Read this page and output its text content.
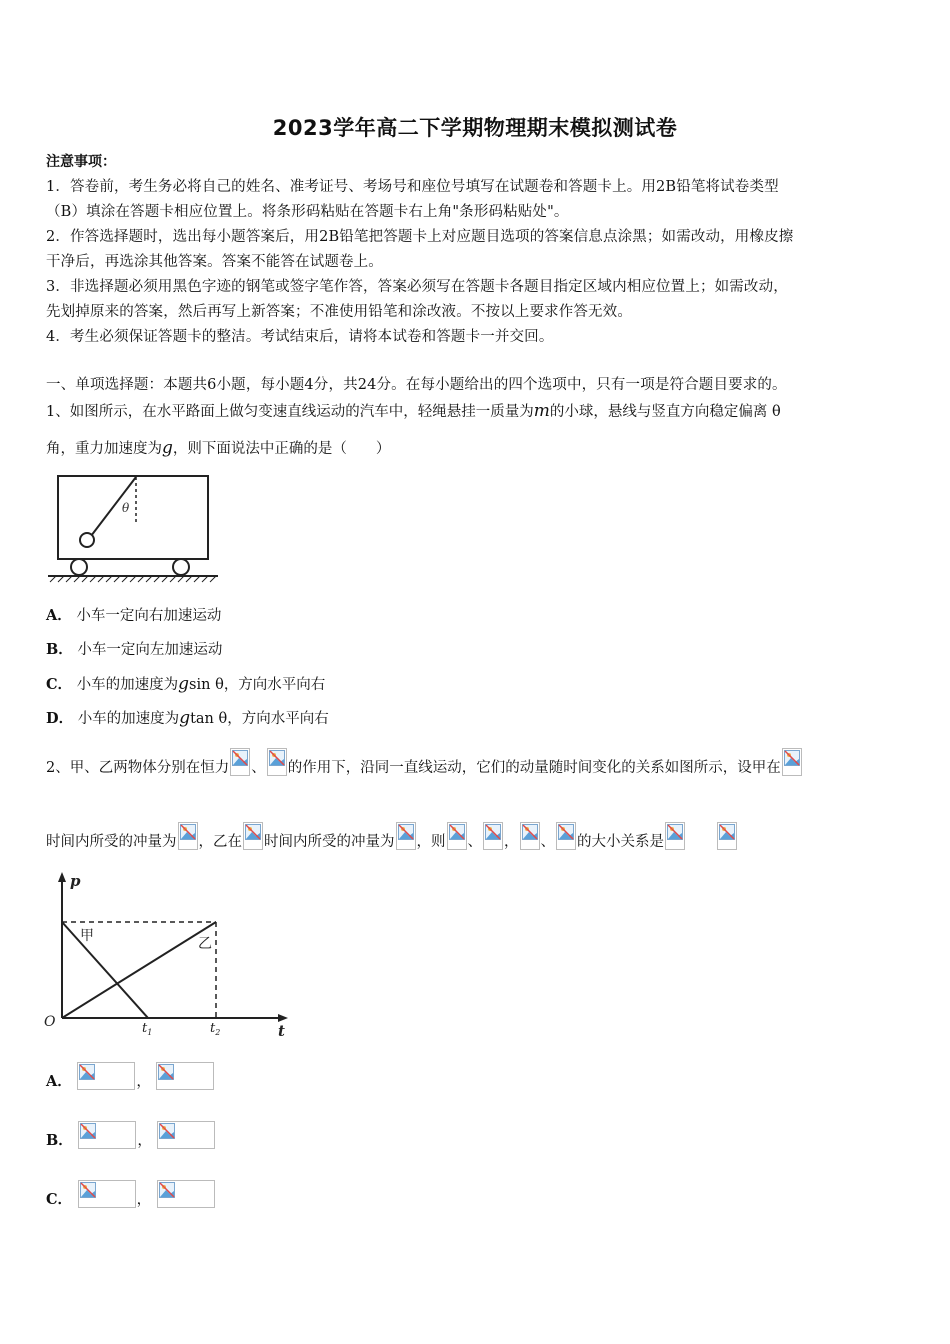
2023学年高二下学期物理期末模拟测试卷
注意事项：
1．答卷前，考生务必将自己的姓名、准考证号、考场号和座位号填写在试题卷和答题卡上。用2B铅笔将试卷类型
（B）填涂在答题卡相应位置上。将条形码粘贴在答题卡右上角"条形码粘贴处"。
2．作答选择题时，选出每小题答案后，用2B铅笔把答题卡上对应题目选项的答案信息点涂黑；如需改动，用橡皮擦
干净后，再选涂其他答案。答案不能答在试题卷上。
3．非选择题必须用黑色字迹的钢笔或签字笔作答，答案必须写在答题卡各题目指定区域内相应位置上；如需改动，
先划掉原来的答案，然后再写上新答案；不准使用铅笔和涂改液。不按以上要求作答无效。
4．考生必须保证答题卡的整洁。考试结束后，请将本试卷和答题卡一并交回。
一、单项选择题：本题共6小题，每小题4分，共24分。在每小题给出的四个选项中，只有一项是符合题目要求的。
1、如图所示，在水平路面上做匀变速直线运动的汽车中，轻绳悬挂一质量为m的小球，悬线与竖直方向稳定偏离 θ
角，重力加速度为g，则下面说法中正确的是（　　）
θ
A． 小车一定向右加速运动
B． 小车一定向左加速运动
C． 小车的加速度为gsin θ，方向水平向右
D． 小车的加速度为gtan θ，方向水平向右
2、甲、乙两物体分别在恒力 、 的作用下，沿同一直线运动，它们的动量随时间变化的关系如图所示，设甲在
时间内所受的冲量为 ，乙在 时间内所受的冲量为 ，则 、 ， 、 的大小关系是
p
t
O
甲	乙
$t_1$	$t_2$
A．	，
B．	，
C．	，
